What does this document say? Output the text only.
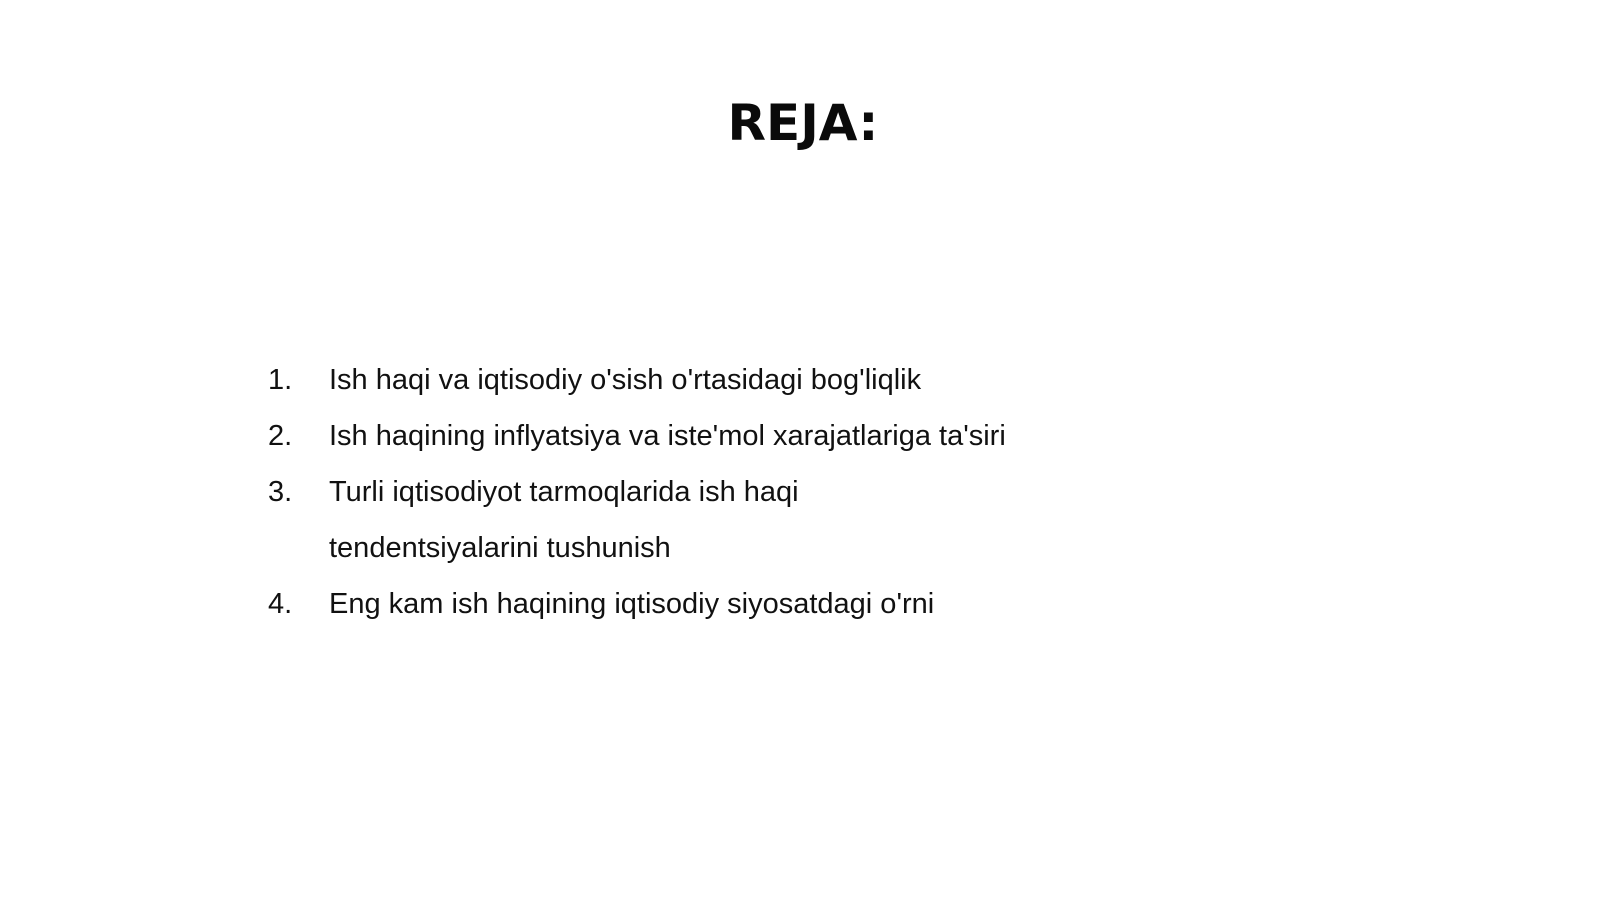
REJA:
1.	Ish haqi va iqtisodiy o'sish o'rtasidagi bog'liqlik
2.	Ish haqining inflyatsiya va iste'mol xarajatlariga ta'siri
3.	Turli iqtisodiyot tarmoqlarida ish haqi tendentsiyalarini tushunish
4.	Eng kam ish haqining iqtisodiy siyosatdagi o'rni
